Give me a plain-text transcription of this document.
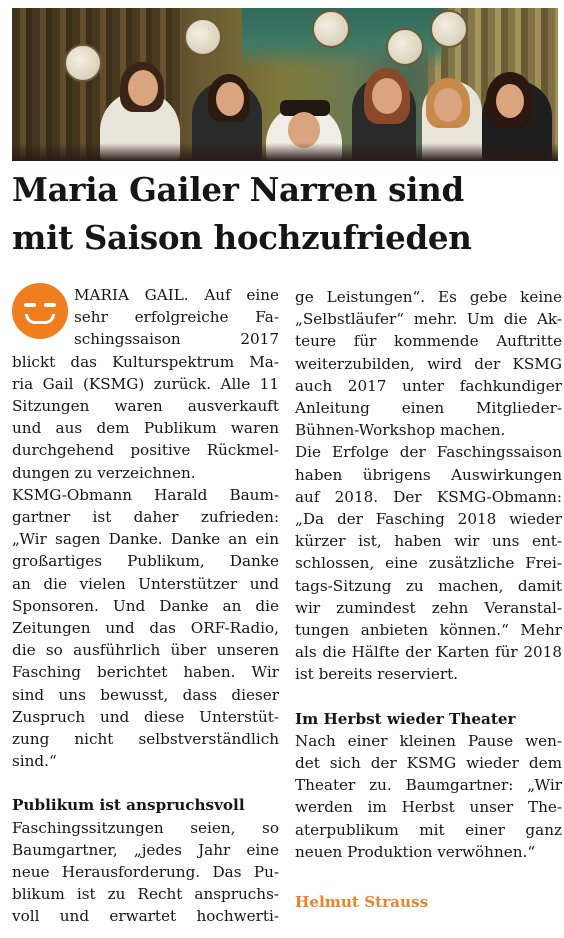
Maria Gailer Narren sind
mit Saison hochzufrieden
MARIA GAIL. Auf eine
sehr erfolgreiche Fa-
schingssaison 2017
blickt das Kulturspektrum Ma-
ria Gail (KSMG) zurück. Alle 11
Sitzungen waren ausverkauft
und aus dem Publikum waren
durchgehend positive Rückmel-
dungen zu verzeichnen.
KSMG-Obmann Harald Baum-
gartner ist daher zufrieden:
„Wir sagen Danke. Danke an ein
großartiges Publikum, Danke
an die vielen Unterstützer und
Sponsoren. Und Danke an die
Zeitungen und das ORF-Radio,
die so ausführlich über unseren
Fasching berichtet haben. Wir
sind uns bewusst, dass dieser
Zuspruch und diese Unterstüt-
zung nicht selbstverständlich
sind.“
Publikum ist anspruchsvoll
Faschingssitzungen seien, so
Baumgartner, „jedes Jahr eine
neue Herausforderung. Das Pu-
blikum ist zu Recht anspruchs-
voll und erwartet hochwerti-
ge Leistungen“. Es gebe keine
„Selbstläufer“ mehr. Um die Ak-
teure für kommende Auftritte
weiterzubilden, wird der KSMG
auch 2017 unter fachkundiger
Anleitung einen Mitglieder-
Bühnen-Workshop machen.
Die Erfolge der Faschingssaison
haben übrigens Auswirkungen
auf 2018. Der KSMG-Obmann:
„Da der Fasching 2018 wieder
kürzer ist, haben wir uns ent-
schlossen, eine zusätzliche Frei-
tags-Sitzung zu machen, damit
wir zumindest zehn Veranstal-
tungen anbieten können.“ Mehr
als die Hälfte der Karten für 2018
ist bereits reserviert.
Im Herbst wieder Theater
Nach einer kleinen Pause wen-
det sich der KSMG wieder dem
Theater zu. Baumgartner: „Wir
werden im Herbst unser The-
aterpublikum mit einer ganz
neuen Produktion verwöhnen.“
Helmut Strauss
